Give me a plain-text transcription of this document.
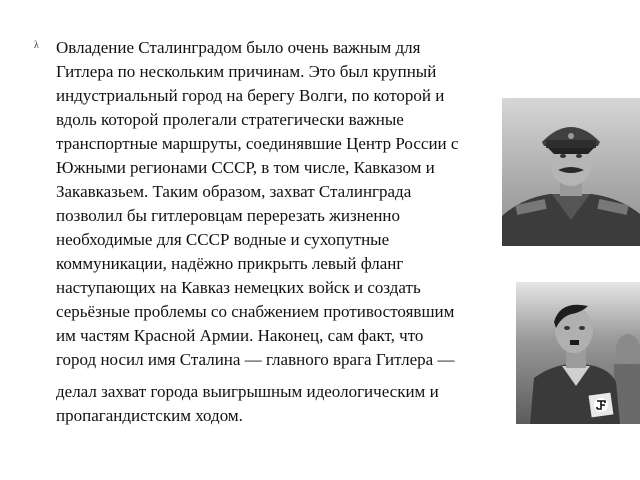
λ Овладение Сталинградом было очень важным для
Гитлера по нескольким причинам. Это был крупный
индустриальный город на берегу Волги, по которой и
вдоль которой пролегали стратегически важные
транспортные маршруты, соединявшие Центр России с
Южными регионами СССР, в том числе, Кавказом и
Закавказьем. Таким образом, захват Сталинграда
позволил бы гитлеровцам перерезать жизненно
необходимые для СССР водные и сухопутные
коммуникации, надёжно прикрыть левый фланг
наступающих на Кавказ немецких войск и создать
серьёзные проблемы со снабжением противостоявшим
им частям Красной Армии. Наконец, сам факт, что
город носил имя Сталина — главного врага Гитлера —
делал захват города выигрышным идеологическим и
пропагандистским ходом.
